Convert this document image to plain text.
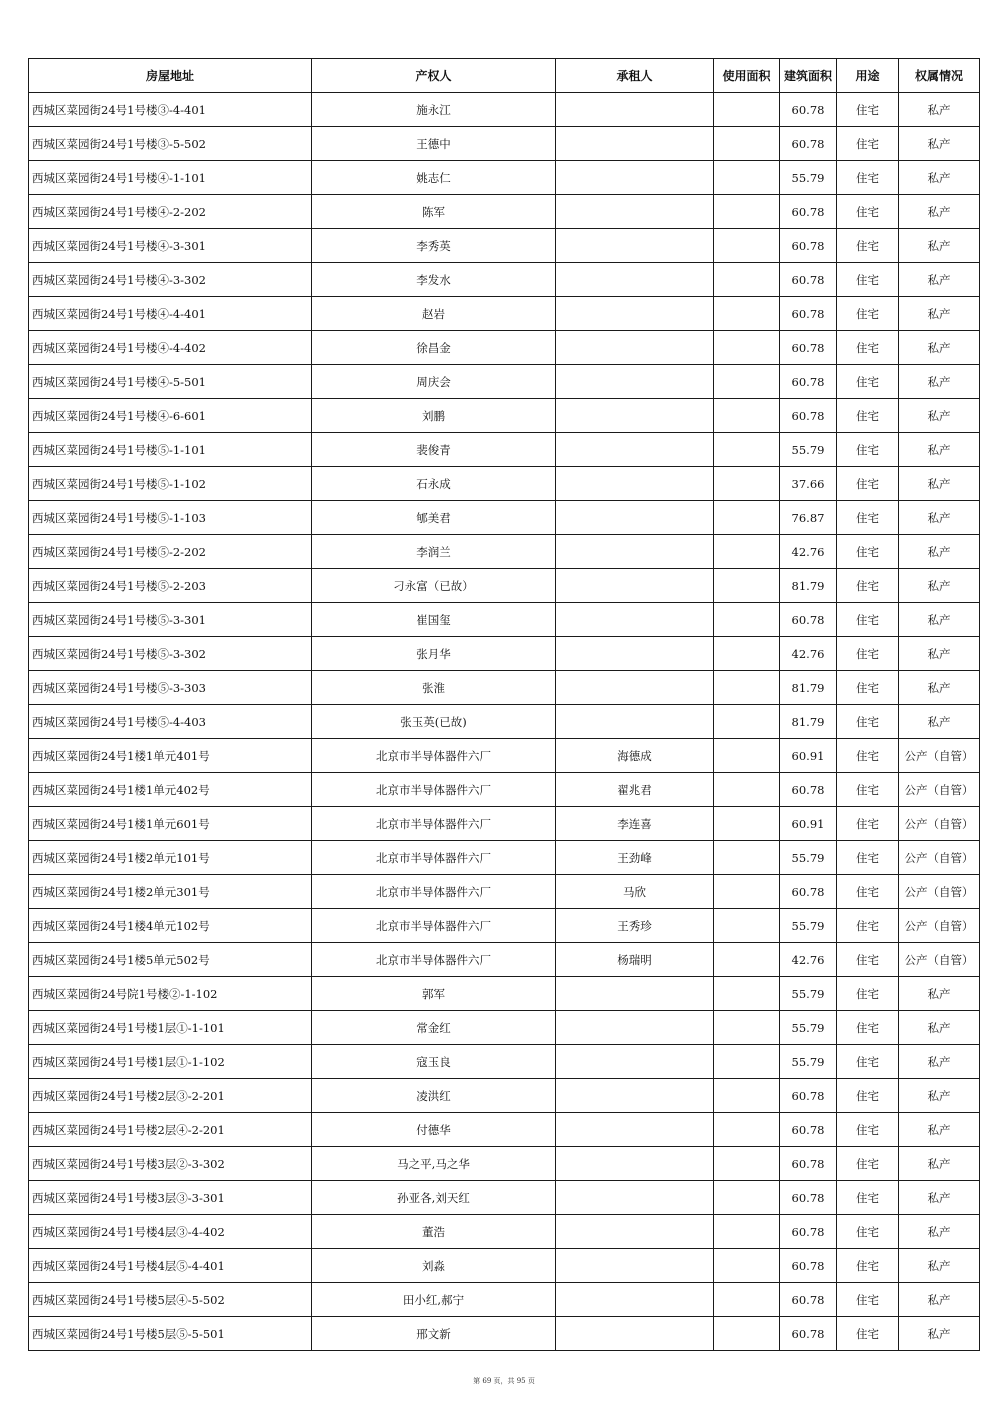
房屋地址	产权人	承租人	使用面积	建筑面积	用途	权属情况
西城区菜园街24号1号楼③-4-401	施永江			60.78	住宅	私产
西城区菜园街24号1号楼③-5-502	王德中			60.78	住宅	私产
西城区菜园街24号1号楼④-1-101	姚志仁			55.79	住宅	私产
西城区菜园街24号1号楼④-2-202	陈军			60.78	住宅	私产
西城区菜园街24号1号楼④-3-301	李秀英			60.78	住宅	私产
西城区菜园街24号1号楼④-3-302	李发水			60.78	住宅	私产
西城区菜园街24号1号楼④-4-401	赵岩			60.78	住宅	私产
西城区菜园街24号1号楼④-4-402	徐昌金			60.78	住宅	私产
西城区菜园街24号1号楼④-5-501	周庆会			60.78	住宅	私产
西城区菜园街24号1号楼④-6-601	刘鹏			60.78	住宅	私产
西城区菜园街24号1号楼⑤-1-101	裴俊青			55.79	住宅	私产
西城区菜园街24号1号楼⑤-1-102	石永成			37.66	住宅	私产
西城区菜园街24号1号楼⑤-1-103	郇美君			76.87	住宅	私产
西城区菜园街24号1号楼⑤-2-202	李润兰			42.76	住宅	私产
西城区菜园街24号1号楼⑤-2-203	刁永富（已故）			81.79	住宅	私产
西城区菜园街24号1号楼⑤-3-301	崔国玺			60.78	住宅	私产
西城区菜园街24号1号楼⑤-3-302	张月华			42.76	住宅	私产
西城区菜园街24号1号楼⑤-3-303	张淮			81.79	住宅	私产
西城区菜园街24号1号楼⑤-4-403	张玉英(已故)			81.79	住宅	私产
西城区菜园街24号1楼1单元401号	北京市半导体器件六厂	海德成		60.91	住宅	公产（自管）
西城区菜园街24号1楼1单元402号	北京市半导体器件六厂	翟兆君		60.78	住宅	公产（自管）
西城区菜园街24号1楼1单元601号	北京市半导体器件六厂	李连喜		60.91	住宅	公产（自管）
西城区菜园街24号1楼2单元101号	北京市半导体器件六厂	王劲峰		55.79	住宅	公产（自管）
西城区菜园街24号1楼2单元301号	北京市半导体器件六厂	马欣		60.78	住宅	公产（自管）
西城区菜园街24号1楼4单元102号	北京市半导体器件六厂	王秀珍		55.79	住宅	公产（自管）
西城区菜园街24号1楼5单元502号	北京市半导体器件六厂	杨瑞明		42.76	住宅	公产（自管）
西城区菜园街24号院1号楼②-1-102	郭军			55.79	住宅	私产
西城区菜园街24号1号楼1层①-1-101	常金红			55.79	住宅	私产
西城区菜园街24号1号楼1层①-1-102	寇玉良			55.79	住宅	私产
西城区菜园街24号1号楼2层③-2-201	凌洪红			60.78	住宅	私产
西城区菜园街24号1号楼2层④-2-201	付德华			60.78	住宅	私产
西城区菜园街24号1号楼3层②-3-302	马之平,马之华			60.78	住宅	私产
西城区菜园街24号1号楼3层③-3-301	孙亚各,刘天红			60.78	住宅	私产
西城区菜园街24号1号楼4层③-4-402	董浩			60.78	住宅	私产
西城区菜园街24号1号楼4层⑤-4-401	刘淼			60.78	住宅	私产
西城区菜园街24号1号楼5层④-5-502	田小红,郝宁			60.78	住宅	私产
西城区菜园街24号1号楼5层⑤-5-501	邢文新			60.78	住宅	私产
第 69 页，共 95 页
